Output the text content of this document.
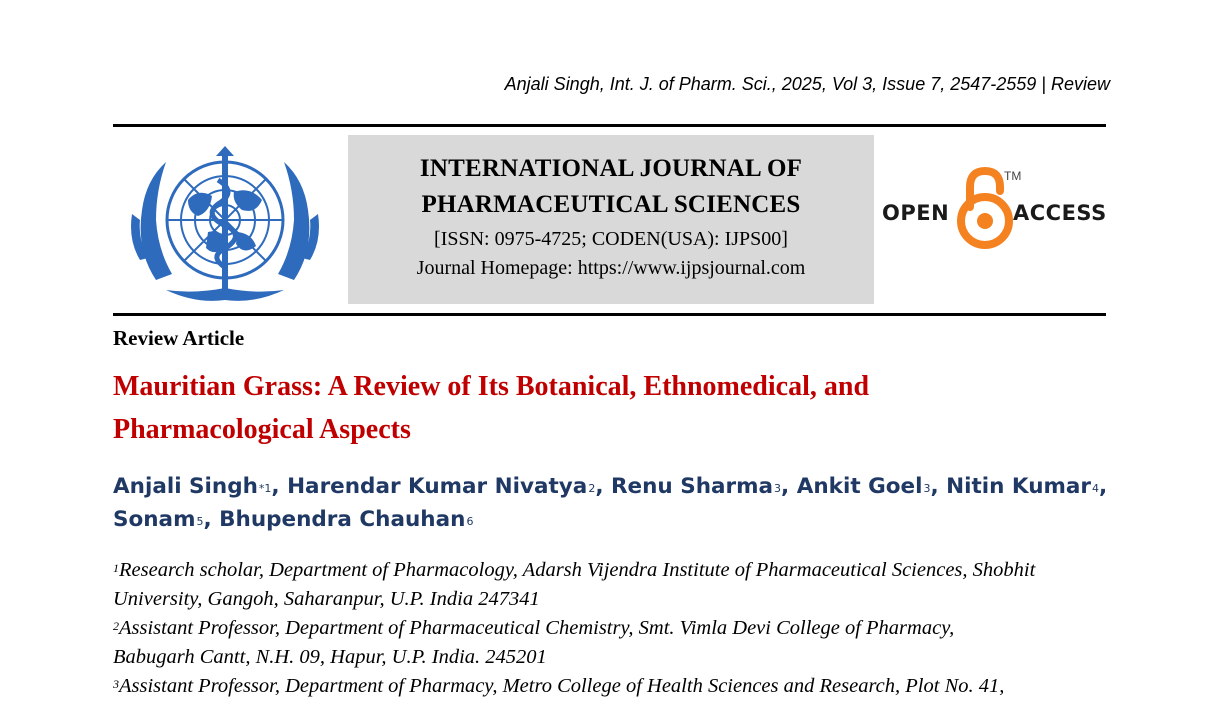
Anjali Singh, Int. J. of Pharm. Sci., 2025, Vol 3, Issue 7, 2547-2559 | Review
INTERNATIONAL JOURNAL OF
PHARMACEUTICAL SCIENCES
[ISSN: 0975-4725; CODEN(USA): IJPS00]
Journal Homepage: https://www.ijpsjournal.com
OPEN
TM
ACCESS
Review Article
Mauritian Grass: A Review of Its Botanical, Ethnomedical, and
Pharmacological Aspects
Anjali Singh$^{*1}$, Harendar Kumar Nivatya$^2$, Renu Sharma$^3$, Ankit Goel$^3$, Nitin Kumar$^4$, Sonam$^5$, Bhupendra Chauhan$^6$
$^1$Research scholar, Department of Pharmacology, Adarsh Vijendra Institute of Pharmaceutical Sciences, Shobhit
University, Gangoh, Saharanpur, U.P. India 247341
$^2$Assistant Professor, Department of Pharmaceutical Chemistry, Smt. Vimla Devi College of Pharmacy,
Babugarh Cantt, N.H. 09, Hapur, U.P. India. 245201
$^3$Assistant Professor, Department of Pharmacy, Metro College of Health Sciences and Research, Plot No. 41,
